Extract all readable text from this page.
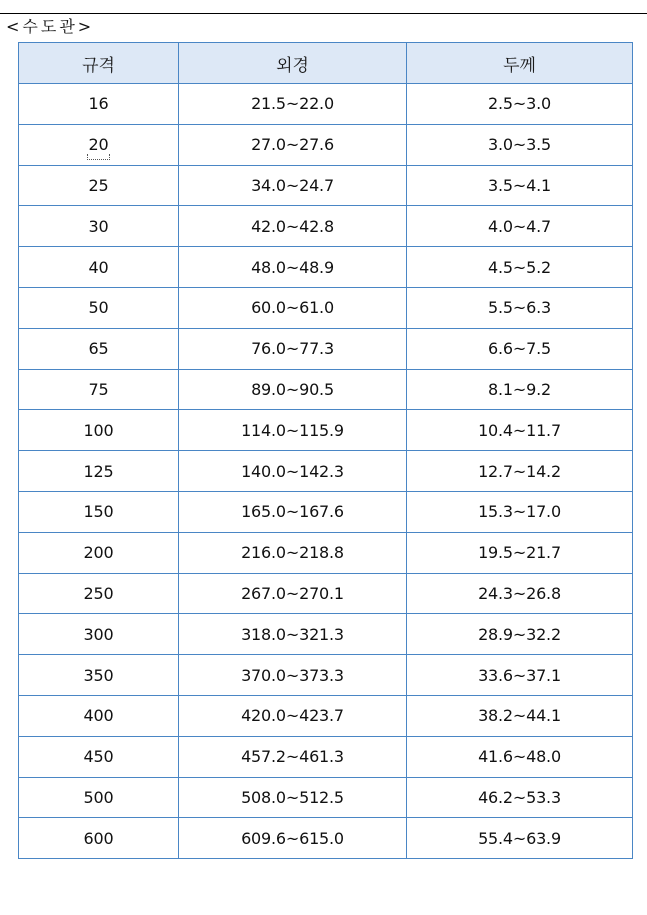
<수도관>
규격	외경	두께
16	21.5~22.0	2.5~3.0
20	27.0~27.6	3.0~3.5
25	34.0~24.7	3.5~4.1
30	42.0~42.8	4.0~4.7
40	48.0~48.9	4.5~5.2
50	60.0~61.0	5.5~6.3
65	76.0~77.3	6.6~7.5
75	89.0~90.5	8.1~9.2
100	114.0~115.9	10.4~11.7
125	140.0~142.3	12.7~14.2
150	165.0~167.6	15.3~17.0
200	216.0~218.8	19.5~21.7
250	267.0~270.1	24.3~26.8
300	318.0~321.3	28.9~32.2
350	370.0~373.3	33.6~37.1
400	420.0~423.7	38.2~44.1
450	457.2~461.3	41.6~48.0
500	508.0~512.5	46.2~53.3
600	609.6~615.0	55.4~63.9
